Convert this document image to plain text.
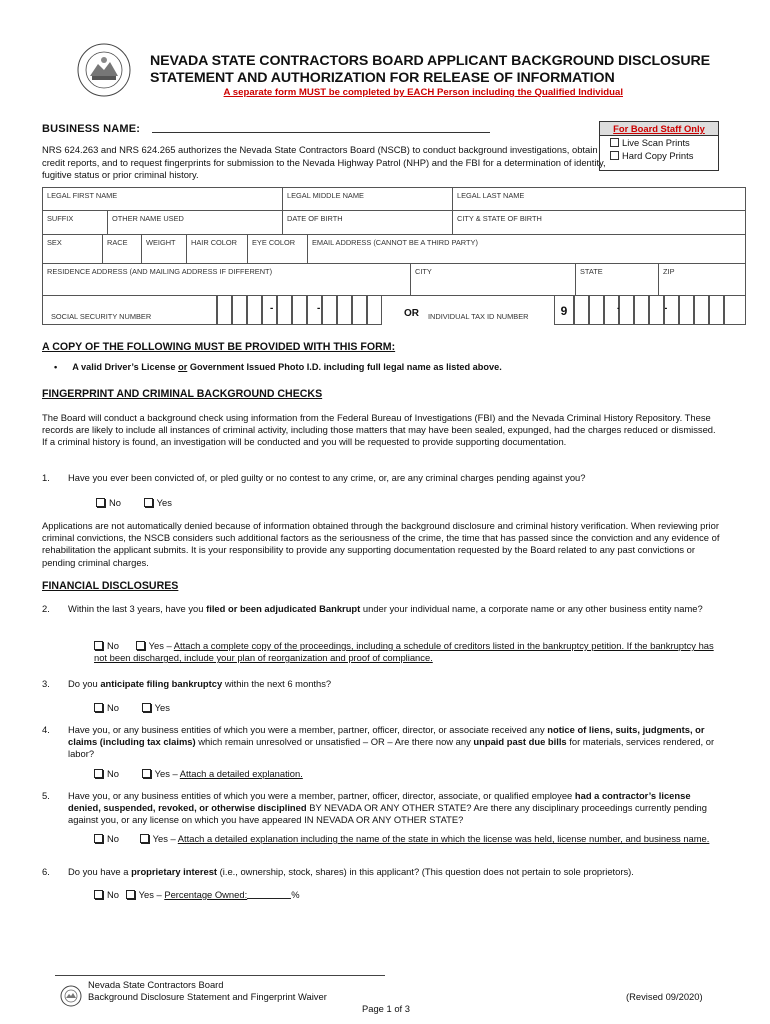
NEVADA STATE CONTRACTORS BOARD APPLICANT BACKGROUND DISCLOSURE
STATEMENT AND AUTHORIZATION FOR RELEASE OF INFORMATION
A separate form MUST be completed by EACH Person including the Qualified Individual
BUSINESS NAME:
NRS 624.263 and NRS 624.265 authorizes the Nevada State Contractors Board (NSCB) to conduct background investigations, obtain credit reports, and to request fingerprints for submission to the Nevada Highway Patrol (NHP) and the FBI for a determination of identity, fugitive status or prior criminal history.
For Board Staff Only
Live Scan Prints
Hard Copy Prints
LEGAL FIRST NAME	LEGAL MIDDLE NAME	LEGAL LAST NAME
SUFFIX	OTHER NAME USED	DATE OF BIRTH	CITY & STATE OF BIRTH
SEX	RACE	WEIGHT	HAIR COLOR	EYE COLOR	EMAIL ADDRESS (CANNOT BE A THIRD PARTY)
RESIDENCE ADDRESS (AND MAILING ADDRESS IF DIFFERENT)	CITY	STATE	ZIP
SOCIAL SECURITY NUMBER
-	-	OR INDIVIDUAL TAX ID NUMBER	9	-	-
A COPY OF THE FOLLOWING MUST BE PROVIDED WITH THIS FORM:
• A valid Driver’s License or Government Issued Photo I.D. including full legal name as listed above.
FINGERPRINT AND CRIMINAL BACKGROUND CHECKS
The Board will conduct a background check using information from the Federal Bureau of Investigations (FBI) and the Nevada Criminal History Repository. These records are likely to include all instances of criminal activity, including those matters that may have been sealed, expunged, had the charges reduced or dismissed. If a criminal history is found, an investigation will be conducted and you will be requested to provide supporting documentation.
1. Have you ever been convicted of, or pled guilty or no contest to any crime, or, are any criminal charges pending against you?
No	Yes
Applications are not automatically denied because of information obtained through the background disclosure and criminal history verification. When reviewing prior criminal convictions, the NSCB considers such additional factors as the seriousness of the crime, the time that has passed since the conviction and any evidence of rehabilitation the applicant submits. It is your responsibility to provide any supporting documentation requested by the Board related to any past convictions or pending criminal charges.
FINANCIAL DISCLOSURES
2. Within the last 3 years, have you filed or been adjudicated Bankrupt under your individual name, a corporate name or any other business entity name?
No	Yes – Attach a complete copy of the proceedings, including a schedule of creditors listed in the bankruptcy petition. If the bankruptcy has not been discharged, include your plan of reorganization and proof of compliance.
3. Do you anticipate filing bankruptcy within the next 6 months?
No	Yes
4. Have you, or any business entities of which you were a member, partner, officer, director, or associate received any notice of liens, suits, judgments, or claims (including tax claims) which remain unresolved or unsatisfied – OR – Are there now any unpaid past due bills for materials, services rendered, or labor?
No	Yes – Attach a detailed explanation.
5. Have you, or any business entities of which you were a member, partner, officer, director, associate, or qualified employee had a contractor’s license denied, suspended, revoked, or otherwise disciplined BY NEVADA OR ANY OTHER STATE? Are there any disciplinary proceedings currently pending against you, or any license on which you have appeared IN NEVADA OR ANY OTHER STATE?
No	Yes – Attach a detailed explanation including the name of the state in which the license was held, license number, and business name.
6. Do you have a proprietary interest (i.e., ownership, stock, shares) in this applicant? (This question does not pertain to sole proprietors).
No Yes – Percentage Owned:	%
Nevada State Contractors Board
Background Disclosure Statement and Fingerprint Waiver
Page 1 of 3
(Revised 09/2020)
